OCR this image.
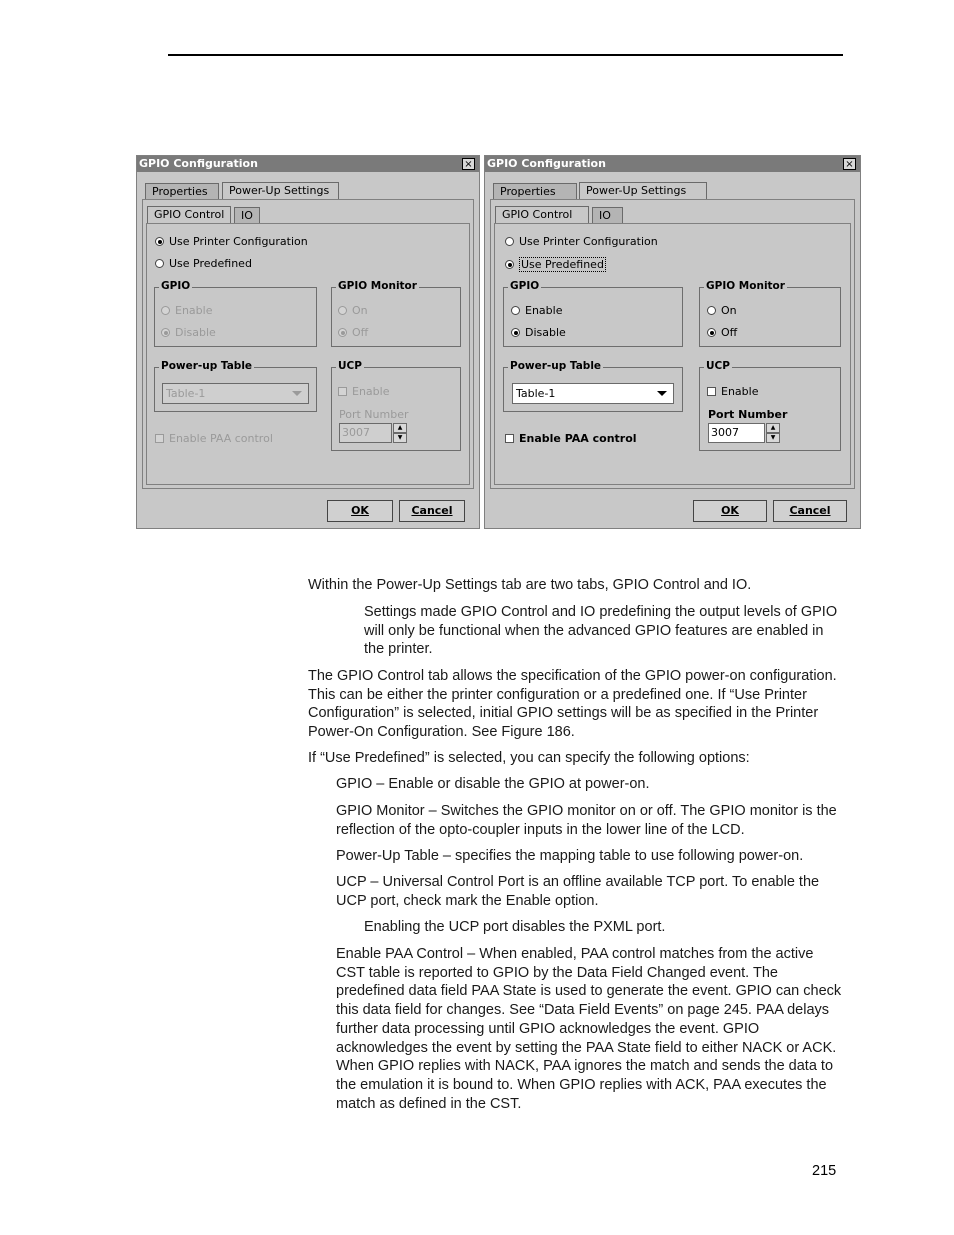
GPIO Configuration	×
Properties	Power-Up Settings
GPIO Control	IO
Use Printer Configuration
Use Predefined
GPIO
Enable
Disable
GPIO Monitor
On
Off
Power-up Table
Table-1
UCP
Enable
Port Number
3007	▲
▼
Enable PAA control
OK	Cancel
GPIO Configuration	×
Properties	Power-Up Settings
GPIO Control	IO
Use Printer Configuration
Use Predefined
GPIO
Enable
Disable
GPIO Monitor
On
Off
Power-up Table
Table-1
UCP
Enable
Port Number
3007	▲
▼
Enable PAA control
OK	Cancel
Within the Power-Up Settings tab are two tabs, GPIO Control and IO.
Settings made GPIO Control and IO predefining the output levels of GPIO will only be functional when the advanced GPIO features are enabled in the printer.
The GPIO Control tab allows the specification of the GPIO power-on configuration. This can be either the printer configuration or a predefined one. If “Use Printer Configuration” is selected, initial GPIO settings will be as specified in the Printer Power-On Configuration. See Figure 186.
If “Use Predefined” is selected, you can specify the following options:
GPIO – Enable or disable the GPIO at power-on.
GPIO Monitor – Switches the GPIO monitor on or off. The GPIO monitor is the reflection of the opto-coupler inputs in the lower line of the LCD.
Power-Up Table – specifies the mapping table to use following power-on.
UCP – Universal Control Port is an offline available TCP port. To enable the UCP port, check mark the Enable option.
Enabling the UCP port disables the PXML port.
Enable PAA Control – When enabled, PAA control matches from the active CST table is reported to GPIO by the Data Field Changed event. The predefined data field PAA State is used to generate the event. GPIO can check this data field for changes. See “Data Field Events” on page 245. PAA delays further data processing until GPIO acknowledges the event. GPIO acknowledges the event by setting the PAA State field to either NACK or ACK. When GPIO replies with NACK, PAA ignores the match and sends the data to the emulation it is bound to. When GPIO replies with ACK, PAA executes the match as defined in the CST.
215
